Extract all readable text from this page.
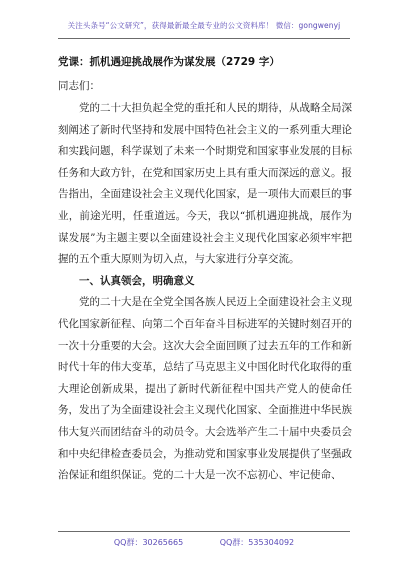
关注头条号“公文研究”，获得最新最全最专业的公文资料库！ 微信：gongwenyj
党课：抓机遇迎挑战展作为谋发展（2729 字）
同志们：

党的二十大担负起全党的重托和人民的期待，从战略全局深刻阐述了新时代坚持和发展中国特色社会主义的一系列重大理论和实践问题，科学谋划了未来一个时期党和国家事业发展的目标任务和大政方针，在党和国家历史上具有重大而深远的意义。报告指出，全面建设社会主义现代化国家，是一项伟大而艰巨的事业，前途光明，任重道远。今天，我以“抓机遇迎挑战，展作为谋发展”为主题主要以全面建设社会主义现代化国家必须牢牢把握的五个重大原则为切入点，与大家进行分享交流。

一、认真领会，明确意义

党的二十大是在全党全国各族人民迈上全面建设社会主义现代化国家新征程、向第二个百年奋斗目标进军的关键时刻召开的一次十分重要的大会。这次大会全面回顾了过去五年的工作和新时代十年的伟大变革，总结了马克思主义中国化时代化取得的重大理论创新成果，提出了新时代新征程中国共产党人的使命任务，发出了为全面建设社会主义现代化国家、全面推进中华民族伟大复兴而团结奋斗的动员令。大会选举产生二十届中央委员会和中央纪律检查委员会，为推动党和国家事业发展提供了坚强政治保证和组织保证。党的二十大是一次不忘初心、牢记使命、

QQ群：30265665	QQ群：535304092
